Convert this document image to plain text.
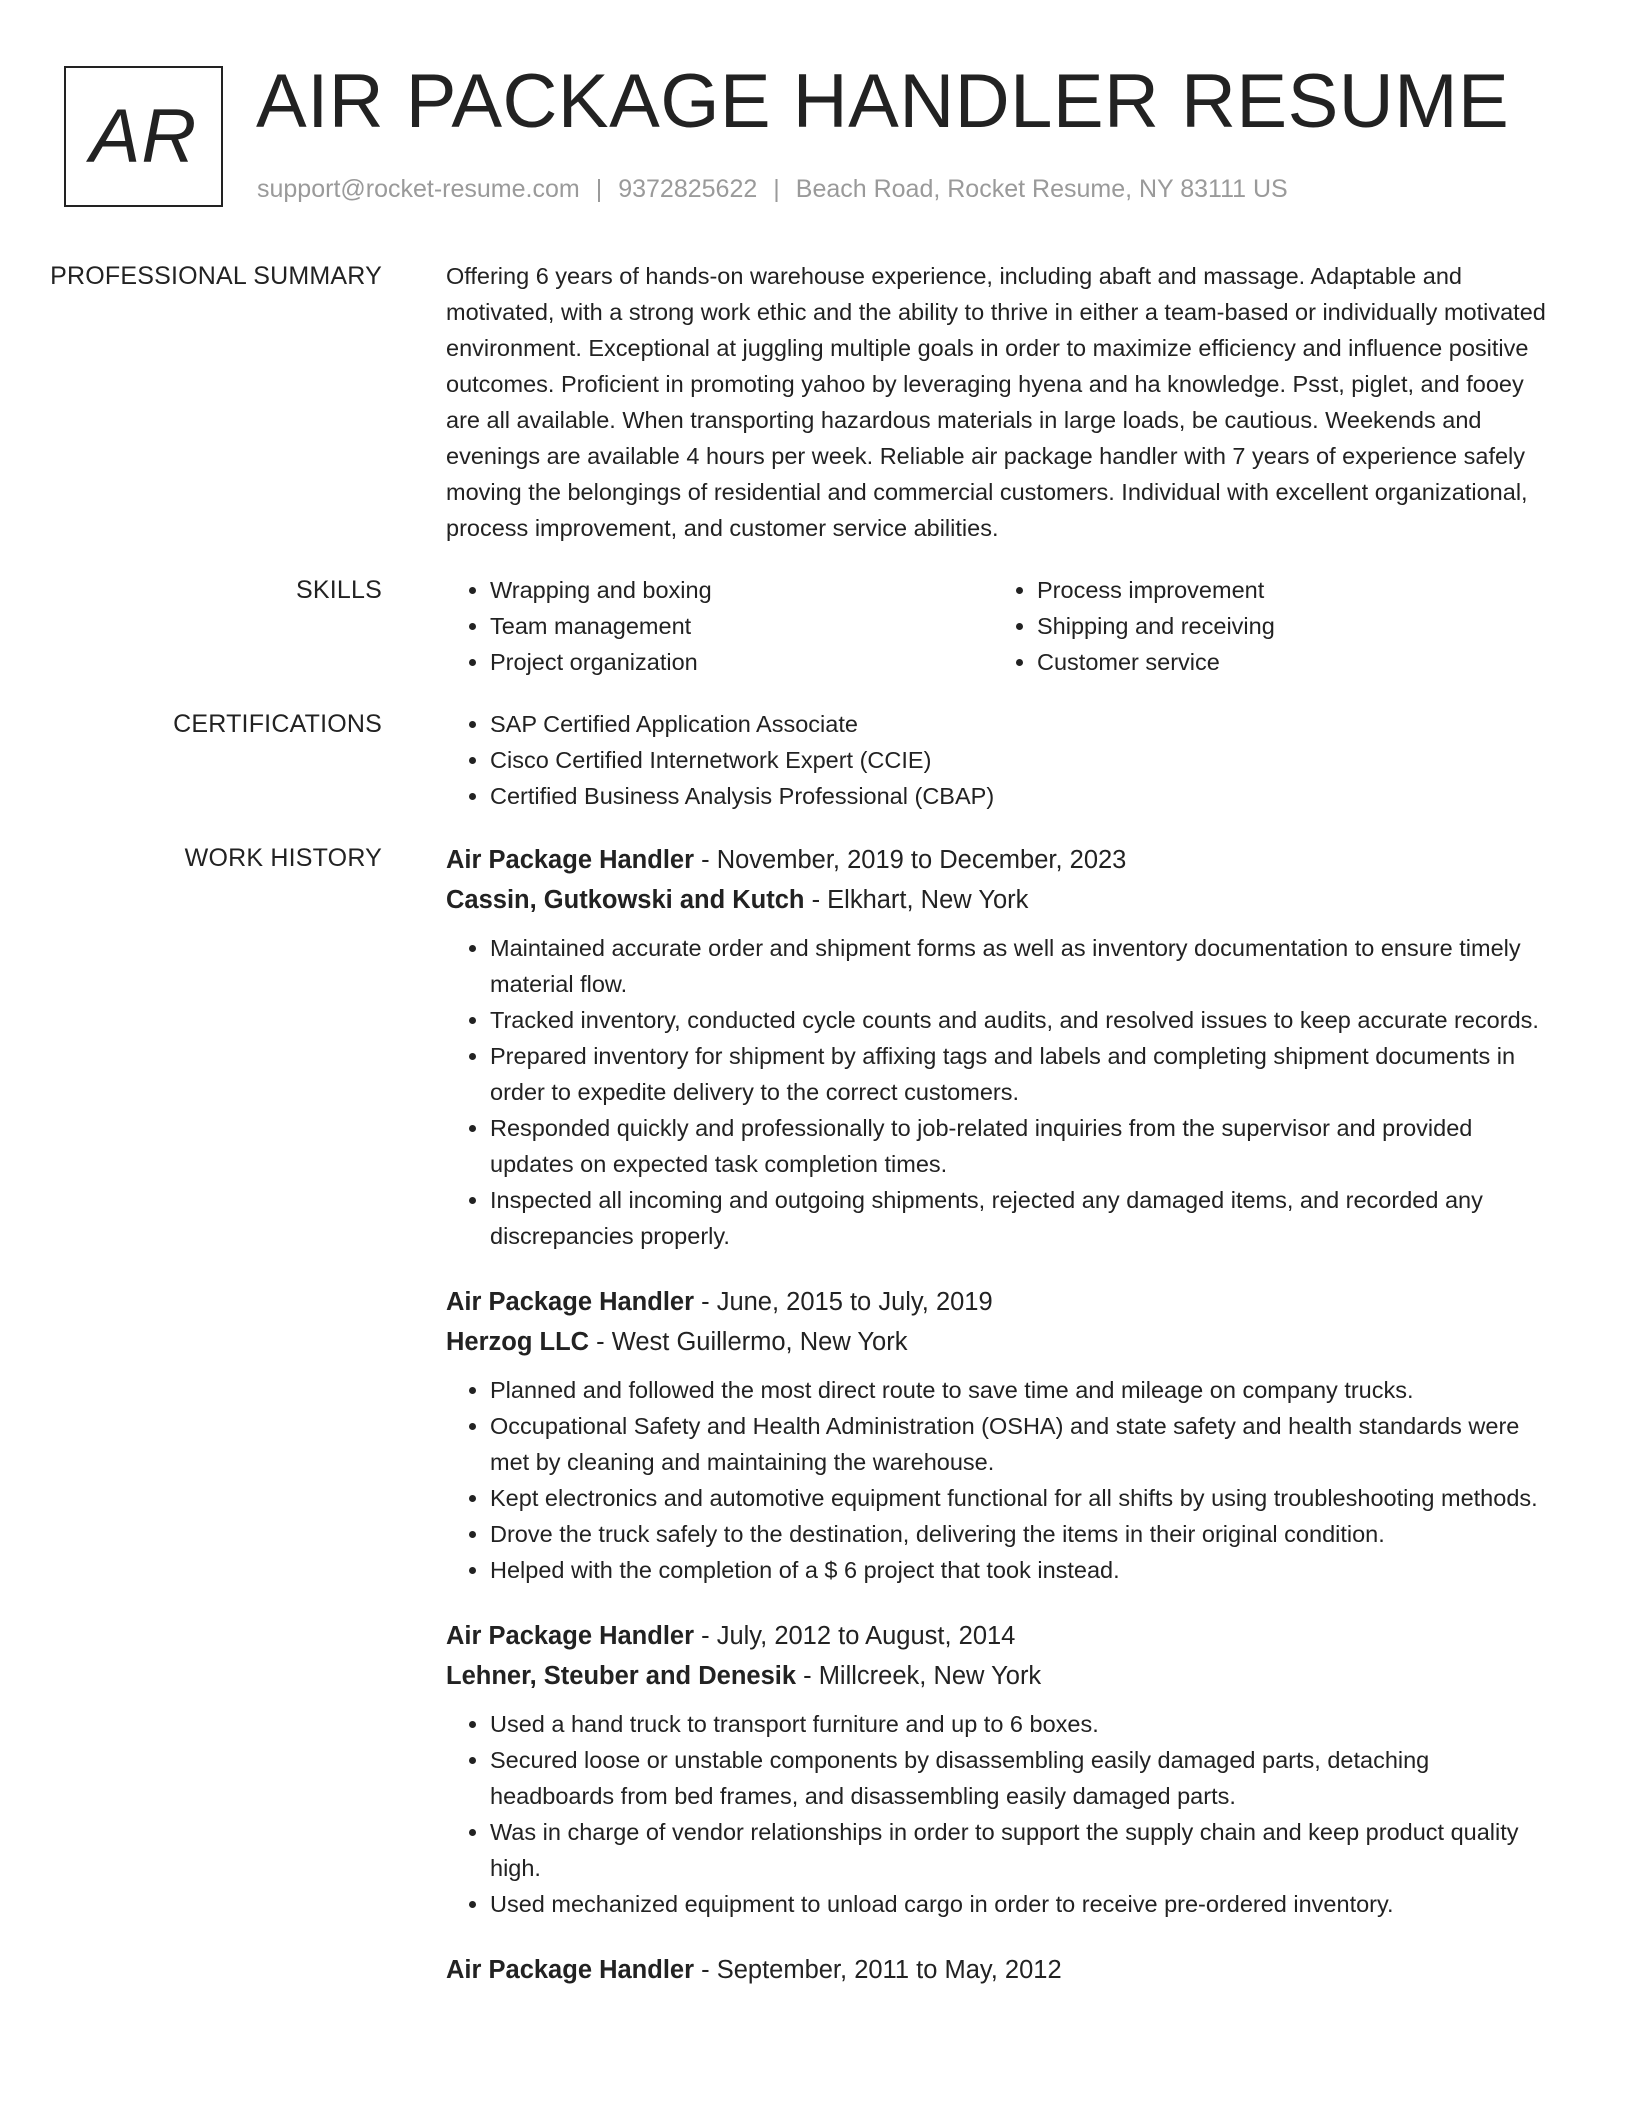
AR AIR PACKAGE HANDLER RESUME
support@rocket-resume.com | 9372825622 | Beach Road, Rocket Resume, NY 83111 US
PROFESSIONAL SUMMARY	Offering 6 years of hands-on warehouse experience, including abaft and massage. Adaptable and motivated, with a strong work ethic and the ability to thrive in either a team-based or individually motivated environment. Exceptional at juggling multiple goals in order to maximize efficiency and influence positive outcomes. Proficient in promoting yahoo by leveraging hyena and ha knowledge. Psst, piglet, and fooey are all available. When transporting hazardous materials in large loads, be cautious. Weekends and evenings are available 4 hours per week. Reliable air package handler with 7 years of experience safely moving the belongings of residential and commercial customers. Individual with excellent organizational, process improvement, and customer service abilities.

SKILLS	• Wrapping and boxing
• Team management
• Project organization
• Process improvement
• Shipping and receiving
• Customer service
CERTIFICATIONS	• SAP Certified Application Associate
• Cisco Certified Internetwork Expert (CCIE)
• Certified Business Analysis Professional (CBAP)
WORK HISTORY	Air Package Handler - November, 2019 to December, 2023
Cassin, Gutkowski and Kutch - Elkhart, New York
• Maintained accurate order and shipment forms as well as inventory documentation to ensure timely material flow.
• Tracked inventory, conducted cycle counts and audits, and resolved issues to keep accurate records.
• Prepared inventory for shipment by affixing tags and labels and completing shipment documents in order to expedite delivery to the correct customers.
• Responded quickly and professionally to job-related inquiries from the supervisor and provided updates on expected task completion times.
• Inspected all incoming and outgoing shipments, rejected any damaged items, and recorded any discrepancies properly.
Air Package Handler - June, 2015 to July, 2019
Herzog LLC - West Guillermo, New York
• Planned and followed the most direct route to save time and mileage on company trucks.
• Occupational Safety and Health Administration (OSHA) and state safety and health standards were met by cleaning and maintaining the warehouse.
• Kept electronics and automotive equipment functional for all shifts by using troubleshooting methods.
• Drove the truck safely to the destination, delivering the items in their original condition.
• Helped with the completion of a $ 6 project that took instead.
Air Package Handler - July, 2012 to August, 2014
Lehner, Steuber and Denesik - Millcreek, New York
• Used a hand truck to transport furniture and up to 6 boxes.
• Secured loose or unstable components by disassembling easily damaged parts, detaching headboards from bed frames, and disassembling easily damaged parts.
• Was in charge of vendor relationships in order to support the supply chain and keep product quality high.
• Used mechanized equipment to unload cargo in order to receive pre-ordered inventory.
Air Package Handler - September, 2011 to May, 2012
